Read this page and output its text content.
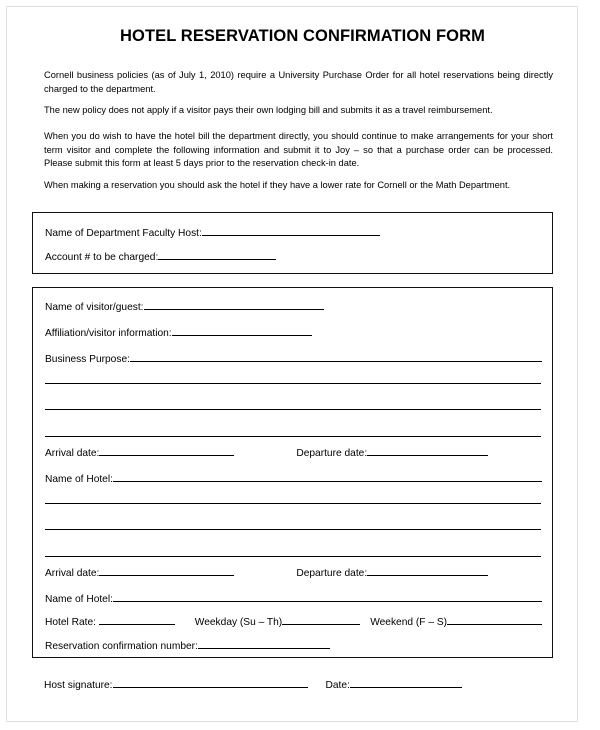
HOTEL RESERVATION CONFIRMATION FORM

Cornell business policies (as of July 1, 2010) require a University Purchase Order for all hotel reservations being directly charged to the department.

The new policy does not apply if a visitor pays their own lodging bill and submits it as a travel reimbursement.

When you do wish to have the hotel bill the department directly, you should continue to make arrangements for your short term visitor and complete the following information and submit it to Joy – so that a purchase order can be processed. Please submit this form at least 5 days prior to the reservation check-in date.

When making a reservation you should ask the hotel if they have a lower rate for Cornell or the Math Department.

Name of Department Faculty Host:
Account # to be charged:
Name of visitor/guest:
Affiliation/visitor information:
Business Purpose:
Arrival date:	Departure date:
Name of Hotel:
Arrival date:	Departure date:
Name of Hotel:
Hotel Rate:	Weekday (Su – Th)	Weekend (F – S)
Reservation confirmation number:
Host signature:	Date:
